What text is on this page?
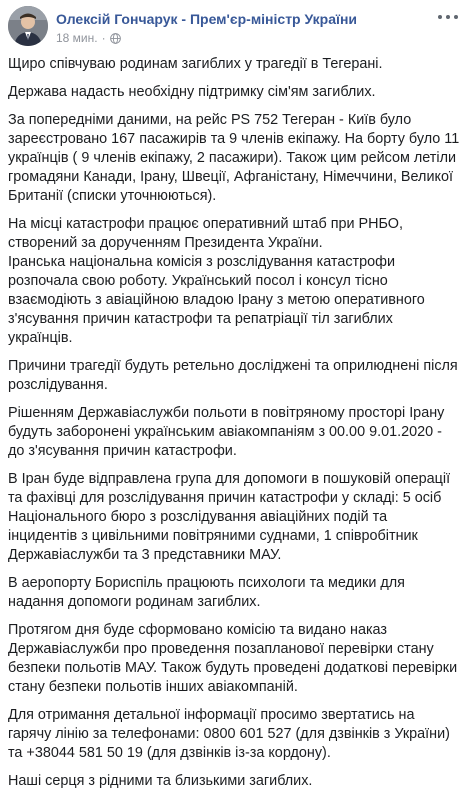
Олексій Гончарук - Прем'єр-міністр України
18 мин. ·

Щиро співчуваю родинам загиблих у трагедії в Тегерані.

Держава надасть необхідну підтримку сім'ям загиблих.

За попередніми даними, на рейс PS 752 Тегеран - Київ було зареєстровано 167 пасажирів та 9 членів екіпажу. На борту було 11 українців ( 9 членів екіпажу, 2 пасажири). Також цим рейсом летіли громадяни Канади, Ірану, Швеції, Афганістану, Німеччини, Великої Британії (списки уточнюються).

На місці катастрофи працює оперативний штаб при РНБО, створений за дорученням Президента України.

Іранська національна комісія з розслідування катастрофи розпочала свою роботу. Український посол і консул тісно взаємодіють з авіаційною владою Ірану з метою оперативного з'ясування причин катастрофи та репатріації тіл загиблих українців.

Причини трагедії будуть ретельно досліджені та оприлюднені після розслідування.

Рішенням Державіаслужби польоти в повітряному просторі Ірану будуть заборонені українським авіакомпаніям з 00.00 9.01.2020 - до з'ясування причин катастрофи.

В Іран буде відправлена група для допомоги в пошуковій операції та фахівці для розслідування причин катастрофи у складі: 5 осіб Національного бюро з розслідування авіаційних подій та інцидентів з цивільними повітряними суднами, 1 співробітник Державіаслужби та 3 представники МАУ.

В аеропорту Бориспіль працюють психологи та медики для надання допомоги родинам загиблих.

Протягом дня буде сформовано комісію та видано наказ Державіаслужби про проведення позапланової перевірки стану безпеки польотів МАУ. Також будуть проведені додаткові перевірки стану безпеки польотів інших авіакомпаній.

Для отримання детальної інформації просимо звертатись на гарячу лінію за телефонами: 0800 601 527 (для дзвінків з України) та +38044 581 50 19 (для дзвінків із-за кордону).

Наші серця з рідними та близькими загиблих.
